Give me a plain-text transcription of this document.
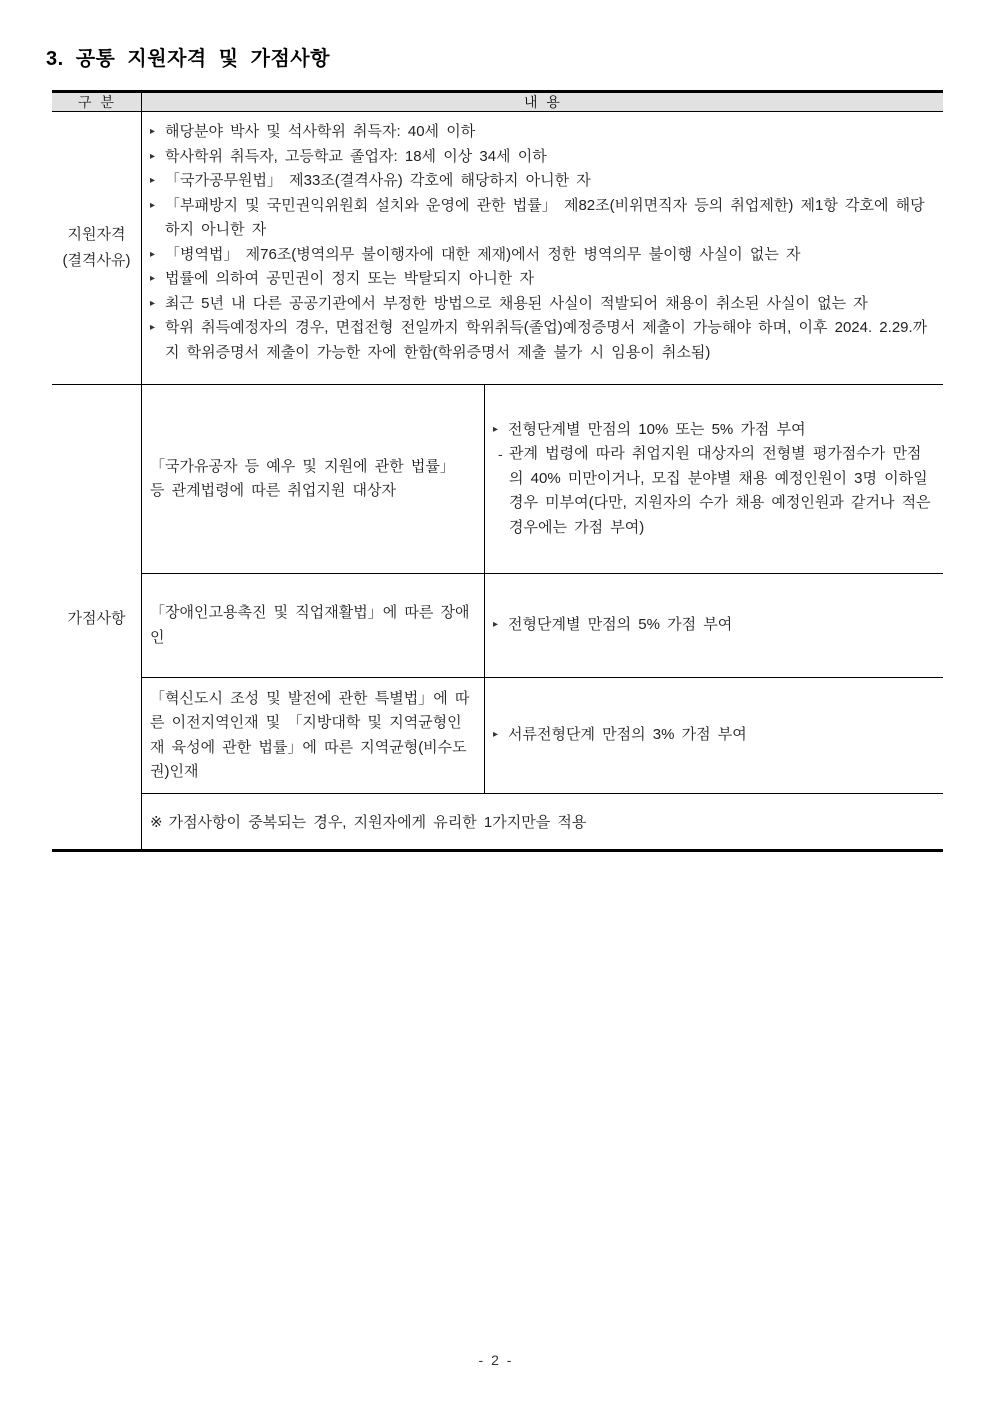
3. 공통 지원자격 및 가점사항
구 분	내 용
지원자격
(결격사유)
▸ 해당분야 박사 및 석사학위 취득자: 40세 이하
▸ 학사학위 취득자, 고등학교 졸업자: 18세 이상 34세 이하
▸ 「국가공무원법」 제33조(결격사유) 각호에 해당하지 아니한 자
▸ 「부패방지 및 국민권익위원회 설치와 운영에 관한 법률」 제82조(비위면직자 등의 취업제한) 제1항 각호에 해당하지 아니한 자
▸ 「병역법」 제76조(병역의무 불이행자에 대한 제재)에서 정한 병역의무 불이행 사실이 없는 자
▸ 법률에 의하여 공민권이 정지 또는 박탈되지 아니한 자
▸ 최근 5년 내 다른 공공기관에서 부정한 방법으로 채용된 사실이 적발되어 채용이 취소된 사실이 없는 자
▸ 학위 취득예정자의 경우, 면접전형 전일까지 학위취득(졸업)예정증명서 제출이 가능해야 하며, 이후 2024. 2.29.까지 학위증명서 제출이 가능한 자에 한함(학위증명서 제출 불가 시 임용이 취소됨)
가점사항
「국가유공자 등 예우 및 지원에 관한 법률」 등 관계법령에 따른 취업지원 대상자
▸ 전형단계별 만점의 10% 또는 5% 가점 부여
- 관계 법령에 따라 취업지원 대상자의 전형별 평가점수가 만점의 40% 미만이거나, 모집 분야별 채용 예정인원이 3명 이하일 경우 미부여(다만, 지원자의 수가 채용 예정인원과 같거나 적은 경우에는 가점 부여)
「장애인고용촉진 및 직업재활법」에 따른 장애인
▸ 전형단계별 만점의 5% 가점 부여
「혁신도시 조성 및 발전에 관한 특별법」에 따른 이전지역인재 및 「지방대학 및 지역균형인재 육성에 관한 법률」에 따른 지역균형(비수도권)인재
▸ 서류전형단계 만점의 3% 가점 부여
※ 가점사항이 중복되는 경우, 지원자에게 유리한 1가지만을 적용
- 2 -
